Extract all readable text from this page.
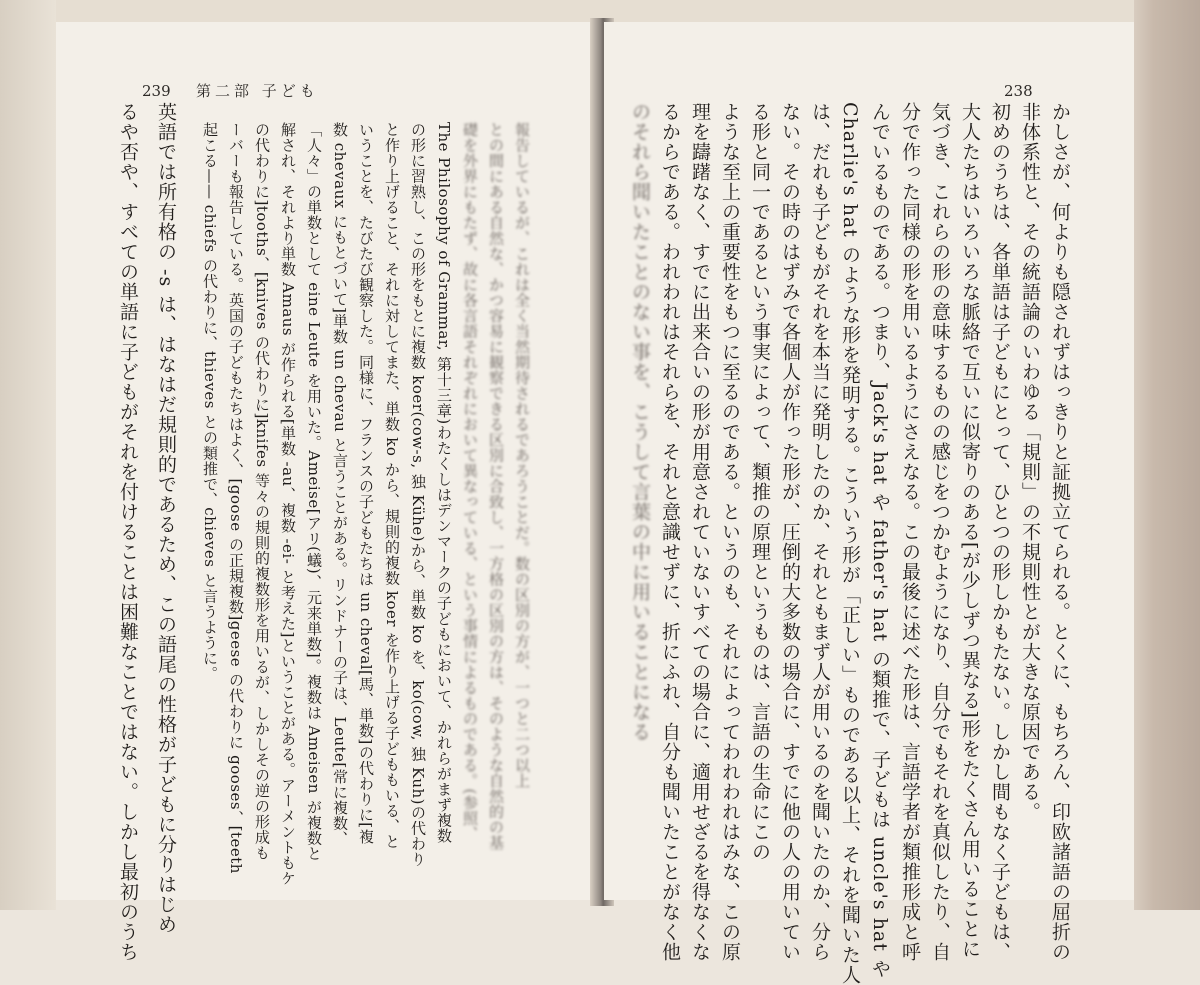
239 第二部 子ども
るや否や、すべての単語に子どもがそれを付けることは困難なことではない。しかし最初のうち 英語では所有格の -s は、はなはだ規則的であるため、この語尾の性格が子どもに分りはじめ 起こる—— chiefs の代わりに、thieves との類推で、chieves と言うように。 ーバーも報告している。英国の子どもたちはよく、[goose の正規複数]geese の代わりに gooses、[teeth の代わりに]tooths、[knives の代わりに]knifes 等々の規則的複数形を用いるが、しかしその逆の形成も 解され、それより単数 Amaus が作られる[単数 -au、複数 -ei- と考えた]ということがある。アーメントもケ 「人々」の単数として eine Leute を用いた。Ameise[アリ(蟻)、元来単数]。複数は Ameisen が複数と 数 chevaux にもとづいて]単数 un chevau と言うことがある。リンドナーの子は、Leute[常に複数、 いうことを、たびたび観察した。同様に、フランスの子どもたちは un cheval[馬、単数]の代わりに[複 と作り上げること、それに対してまた、単数 ko から、規則的複数 koer を作り上げる子どももいる、と の形に習熟し、この形をもとに複数 koer(cow-s, 独 Kühe)から、単数 ko を、ko(cow, 独 Kuh)の代わり The Philosophy of Grammar, 第十三章)わたくしはデンマークの子どもにおいて、かれらがまず複数 礎を外界にもたず、故に各言語それぞれにおいて異なっている、という事情によるものである。(参照、 との間にある自然な、かつ容易に観察できる区別に合致し、一方格の区別の方は、そのような自然的の基 報告しているが、これは全く当然期待されるであろうことだ。数の区別の方が、一つと二つ以上
238
のそれら聞いたことのない事を、こうして言葉の中に用いることになる るからである。われわれはそれらを、それと意識せずに、折にふれ、自分も聞いたことがなく他 理を躊躇なく、すでに出来合いの形が用意されていないすべての場合に、適用せざるを得なくな ような至上の重要性をもつに至るのである。というのも、それによってわれわれはみな、この原 る形と同一であるという事実によって、類推の原理というものは、言語の生命にこの ない。その時のはずみで各個人が作った形が、圧倒的大多数の場合に、すでに他の人の用いてい は、だれも子どもがそれを本当に発明したのか、それともまず人が用いるのを聞いたのか、分ら Charlie's hat のような形を発明する。こういう形が「正しい」ものである以上、それを聞いた人 んでいるものである。つまり、Jack's hat や father's hat の類推で、子どもは uncle's hat や 分で作った同様の形を用いるようにさえなる。この最後に述べた形は、言語学者が類推形成と呼 気づき、これらの形の意味するものの感じをつかむようになり、自分でもそれを真似したり、自 大人たちはいろいろな脈絡で互いに似寄りのある[が少しずつ異なる]形をたくさん用いることに 初めのうちは、各単語は子どもにとって、ひとつの形しかもたない。しかし間もなく子どもは、 非体系性と、その統語論のいわゆる「規則」の不規則性とが大きな原因である。 かしさが、何よりも隠されずはっきりと証拠立てられる。とくに、もちろん、印欧諸語の屈折の
